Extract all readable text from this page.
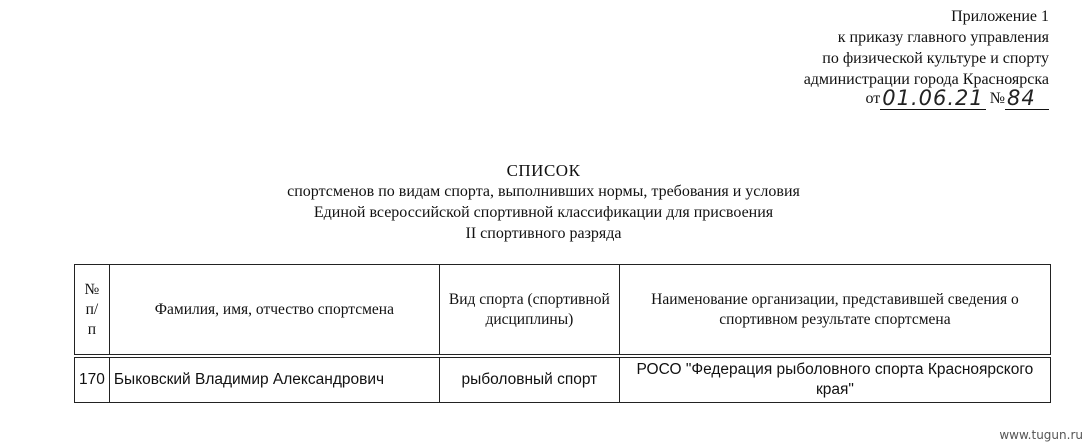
Приложение 1
к приказу главного управления
по физической культуре и спорту
администрации города Красноярска
от 01.06.21 № 84
СПИСОК
спортсменов по видам спорта, выполнивших нормы, требования и условия
Единой всероссийской спортивной классификации для присвоения
II спортивного разряда
№ п/п	Фамилия, имя, отчество спортсмена	Вид спорта (спортивной дисциплины)	Наименование организации, представившей сведения о спортивном результате спортсмена
170	Быковский Владимир Александрович	рыболовный спорт	РОСО "Федерация рыболовного спорта Красноярского края"
www.tugun.ru
